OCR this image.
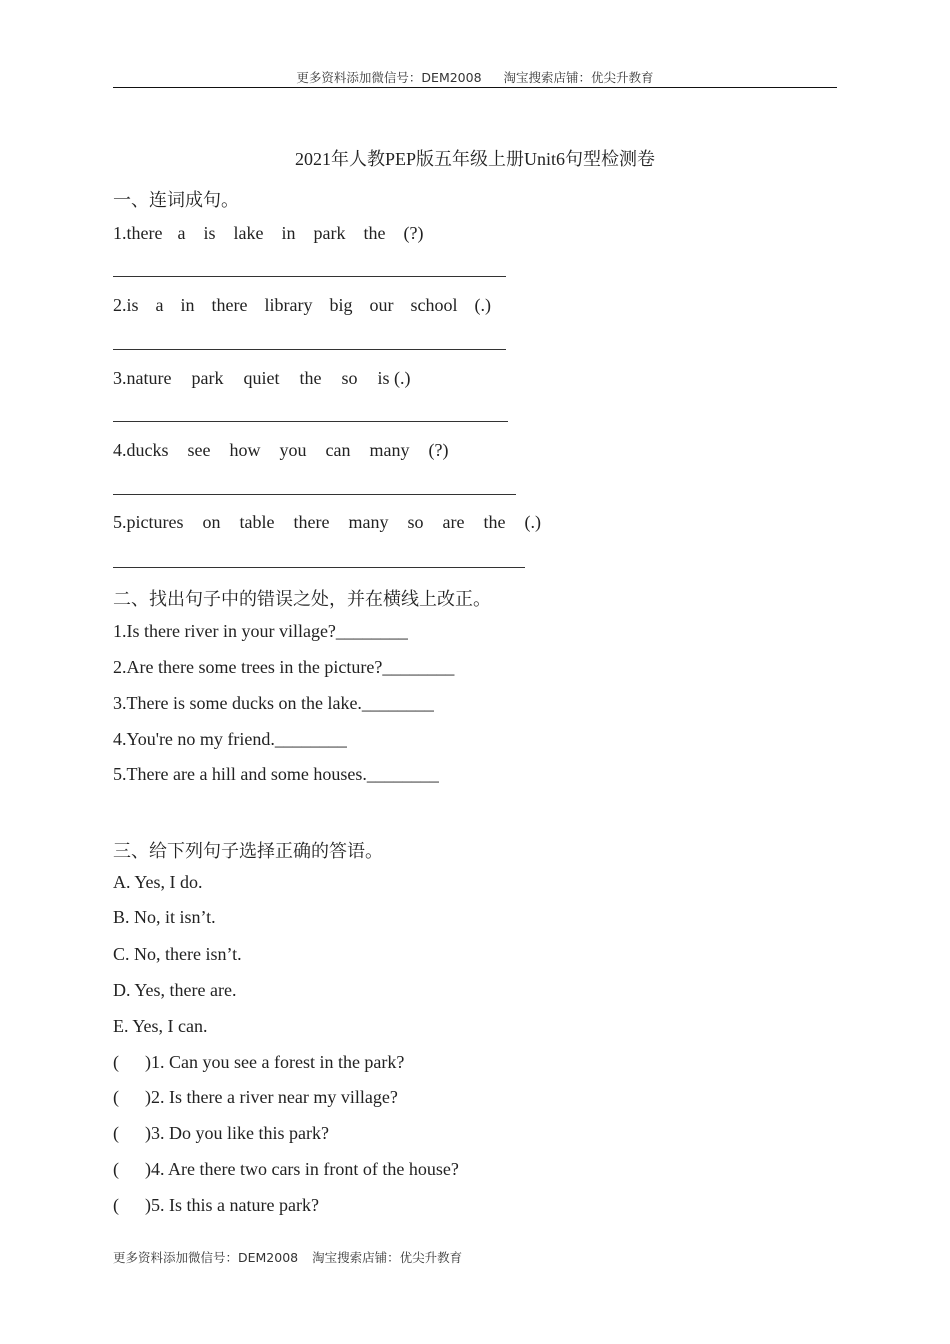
更多资料添加微信号：DEM2008 淘宝搜索店铺：优尖升教育
2021年人教PEP版五年级上册Unit6句型检测卷
一、连词成句。
1.there a is lake in park the (?)
2.is a in there library big our school (.)
3.nature park quiet the so is (.)
4.ducks see how you can many (?)
5.pictures on table there many so are the (.)
二、找出句子中的错误之处，并在横线上改正。
1.Is there river in your village?________
2.Are there some trees in the picture?________
3.There is some ducks on the lake.________
4.You're no my friend.________
5.There are a hill and some houses.________
三、给下列句子选择正确的答语。
A. Yes, I do.
B. No, it isn’t.
C. No, there isn’t.
D. Yes, there are.
E. Yes, I can.
( )1. Can you see a forest in the park?
( )2. Is there a river near my village?
( )3. Do you like this park?
( )4. Are there two cars in front of the house?
( )5. Is this a nature park?
更多资料添加微信号：DEM2008 淘宝搜索店铺：优尖升教育
